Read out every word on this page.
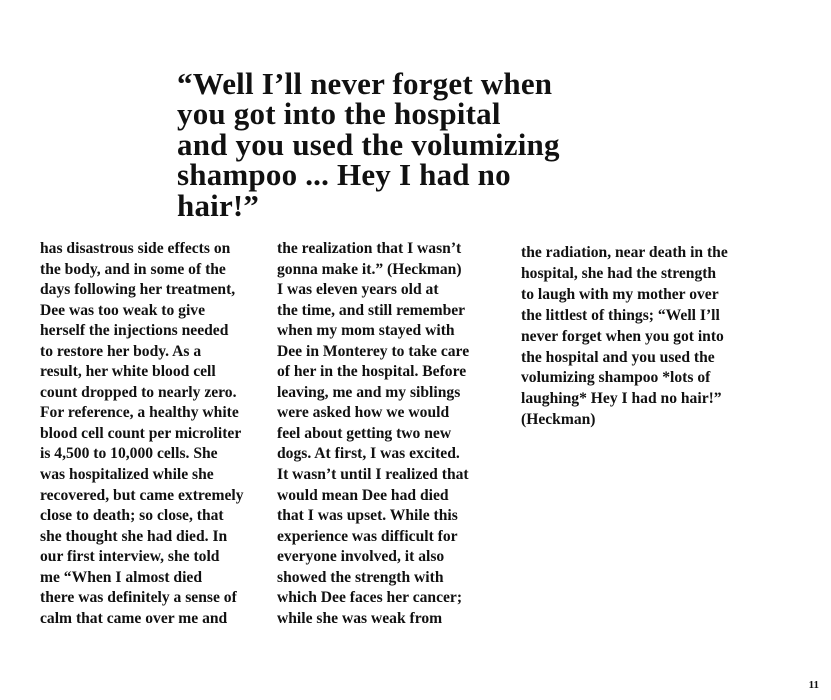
“Well I’ll never forget when
you got into the hospital
and you used the volumizing
shampoo ... Hey I had no
hair!”
has disastrous side effects on
the body, and in some of the
days following her treatment,
Dee was too weak to give
herself the injections needed
to restore her body. As a
result, her white blood cell
count dropped to nearly zero.
For reference, a healthy white
blood cell count per microliter
is 4,500 to 10,000 cells. She
was hospitalized while she
recovered, but came extremely
close to death; so close, that
she thought she had died. In
our first interview, she told
me “When I almost died
there was definitely a sense of
calm that came over me and
the realization that I wasn’t
gonna make it.” (Heckman)
I was eleven years old at
the time, and still remember
when my mom stayed with
Dee in Monterey to take care
of her in the hospital. Before
leaving, me and my siblings
were asked how we would
feel about getting two new
dogs. At first, I was excited.
It wasn’t until I realized that
would mean Dee had died
that I was upset. While this
experience was difficult for
everyone involved, it also
showed the strength with
which Dee faces her cancer;
while she was weak from
the radiation, near death in the
hospital, she had the strength
to laugh with my mother over
the littlest of things; “Well I’ll
never forget when you got into
the hospital and you used the
volumizing shampoo *lots of
laughing* Hey I had no hair!”
(Heckman)
11
